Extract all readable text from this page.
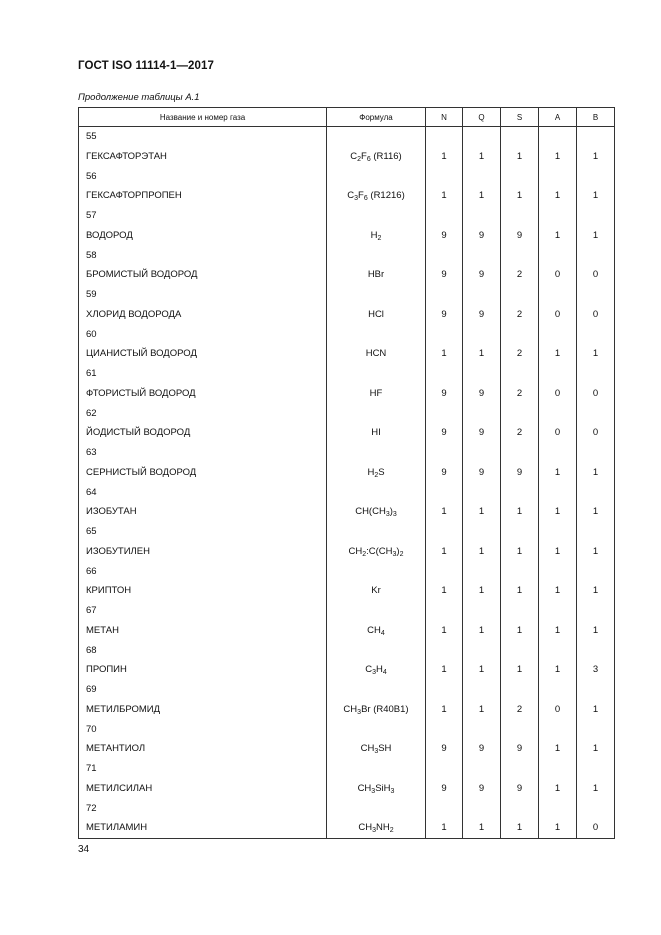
ГОСТ ISO 11114-1—2017
Продолжение таблицы А.1
Название и номер газа	Формула	N	Q	S	A	B
55						
ГЕКСАФТОРЭТАН	$C_2F_6$ (R116)	1	1	1	1	1
56						
ГЕКСАФТОРПРОПЕН	$C_3F_6$ (R1216)	1	1	1	1	1
57						
ВОДОРОД	$H_2$	9	9	9	1	1
58						
БРОМИСТЫЙ ВОДОРОД	HBr	9	9	2	0	0
59						
ХЛОРИД ВОДОРОДА	HCl	9	9	2	0	0
60						
ЦИАНИСТЫЙ ВОДОРОД	HCN	1	1	2	1	1
61						
ФТОРИСТЫЙ ВОДОРОД	HF	9	9	2	0	0
62						
ЙОДИСТЫЙ ВОДОРОД	HI	9	9	2	0	0
63						
СЕРНИСТЫЙ ВОДОРОД	$H_2S$	9	9	9	1	1
64						
ИЗОБУТАН	$CH(CH_3)_3$	1	1	1	1	1
65						
ИЗОБУТИЛЕН	$CH_2:C(CH_3)_2$	1	1	1	1	1
66						
КРИПТОН	Kr	1	1	1	1	1
67						
МЕТАН	$CH_4$	1	1	1	1	1
68						
ПРОПИН	$C_3H_4$	1	1	1	1	3
69						
МЕТИЛБРОМИД	$CH_3Br$ (R40B1)	1	1	2	0	1
70						
МЕТАНТИОЛ	$CH_3SH$	9	9	9	1	1
71						
МЕТИЛСИЛАН	$CH_3SiH_3$	9	9	9	1	1
72						
МЕТИЛАМИН	$CH_3NH_2$	1	1	1	1	0
34
